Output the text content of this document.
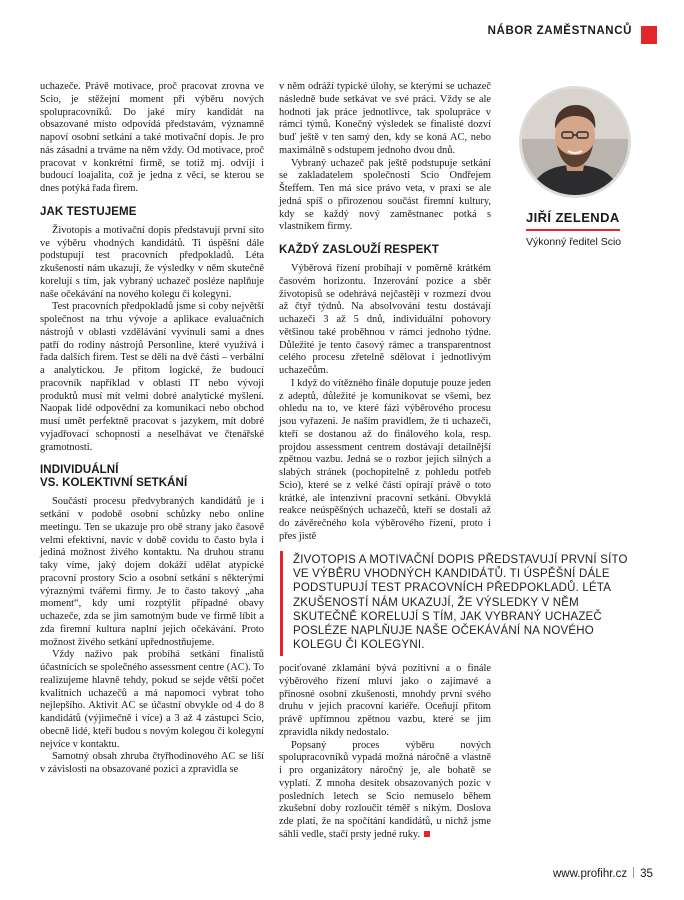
NÁBOR ZAMĚSTNANCŮ

uchazeče. Právě motivace, proč pracovat zrovna ve Scio, je stěžejní moment při výběru nových spolupracovníků. Do jaké míry kandidát na obsazované místo odpovídá představám, významně napoví osobní setkání a také motivační dopis. Je pro nás zásadní a trváme na něm vždy. Od motivace, proč pracovat v konkrétní firmě, se totiž mj. odvíjí i budoucí loajalita, což je jedna z věcí, se kterou se dnes potýká řada firem.

JAK TESTUJEME

Životopis a motivační dopis představují první síto ve výběru vhodných kandidátů. Ti úspěšní dále podstupují test pracovních předpokladů. Léta zkušeností nám ukazují, že výsledky v něm skutečně korelují s tím, jak vybraný uchazeč posléze naplňuje naše očekávání na nového kolegu či kolegyni.

Test pracovních předpokladů jsme si coby největší společnost na trhu vývoje a aplikace evaluačních nástrojů v oblasti vzdělávání vyvinuli sami a dnes patří do rodiny nástrojů Personline, které využívá i řada dalších firem. Test se dělí na dvě části – verbální a analytickou. Je přitom logické, že budoucí pracovník například v oblasti IT nebo vývoji produktů musí mít velmi dobré analytické myšlení. Naopak lidé odpovědní za komunikaci nebo obchod musí umět perfektně pracovat s jazykem, mít dobré vyjadřovací schopnosti a neselhávat ve čtenářské gramotnosti.

INDIVIDUÁLNÍ
VS. KOLEKTIVNÍ SETKÁNÍ

Součástí procesu předvybraných kandidátů je i setkání v podobě osobní schůzky nebo online meetingu. Ten se ukazuje pro obě strany jako časově velmi efektivní, navíc v době covidu to často byla i jediná možnost živého kontaktu. Na druhou stranu taky víme, jaký dojem dokáží udělat atypické pracovní prostory Scio a osobní setkání s některými výraznými tvářemi firmy. Je to často takový „aha moment“, kdy umí rozptýlit případné obavy uchazeče, zda se jim samotným bude ve firmě líbit a zda firemní kultura naplní jejich očekávání. Proto možnost živého setkání upřednostňujeme.

Vždy naživo pak probíhá setkání finalistů účastnících se společného assessment centre (AC). To realizujeme hlavně tehdy, pokud se sejde větší počet kvalitních uchazečů a má napomoci vybrat toho nejlepšího. Aktivit AC se účastní obvykle od 4 do 8 kandidátů (výjimečně i více) a 3 až 4 zástupci Scio, obecně lidé, kteří budou s novým kolegou či kolegyní nejvíce v kontaktu.

Samotný obsah zhruba čtyřhodinového AC se liší v závislosti na obsazované pozici a zpravidla se

v něm odráží typické úlohy, se kterými se uchazeč následně bude setkávat ve své práci. Vždy se ale hodnotí jak práce jednotlivce, tak spolupráce v rámci týmů. Konečný výsledek se finalisté dozví buď ještě v ten samý den, kdy se koná AC, nebo maximálně s odstupem jednoho dvou dnů.

Vybraný uchazeč pak ještě podstupuje setkání se zakladatelem společnosti Scio Ondřejem Šteffem. Ten má sice právo veta, v praxi se ale jedná spíš o přirozenou součást firemní kultury, kdy se každý nový zaměstnanec potká s vlastníkem firmy.

KAŽDÝ ZASLOUŽÍ RESPEKT

Výběrová řízení probíhají v poměrně krátkém časovém horizontu. Inzerování pozice a sběr životopisů se odehrává nejčastěji v rozmezí dvou až čtyř týdnů. Na absolvování testu dostávají uchazeči 3 až 5 dnů, individuální pohovory většinou také proběhnou v rámci jednoho týdne. Důležité je tento časový rámec a transparentnost celého procesu zřetelně sdělovat i jednotlivým uchazečům.

I když do vítězného finále doputuje pouze jeden z adeptů, důležité je komunikovat se všemi, bez ohledu na to, ve které fázi výběrového procesu jsou vyřazeni. Je naším pravidlem, že ti uchazeči, kteří se dostanou až do finálového kola, resp. projdou assessment centrem dostávají detailnější zpětnou vazbu. Jedná se o rozbor jejich silných a slabých stránek (pochopitelně z pohledu potřeb Scio), které se z velké části opírají právě o toto krátké, ale intenzivní pracovní setkání. Obvyklá reakce neúspěšných uchazečů, kteří se dostali až do závěrečného kola výběrového řízení, proto i přes jistě

JIŘÍ ZELENDA
Výkonný ředitel Scio
ŽIVOTOPIS A MOTIVAČNÍ DOPIS PŘEDSTAVUJÍ PRVNÍ SÍTO VE VÝBĚRU VHODNÝCH KANDIDÁTŮ. TI ÚSPĚŠNÍ DÁLE PODSTUPUJÍ TEST PRACOVNÍCH PŘEDPOKLADŮ. LÉTA ZKUŠENOSTÍ NÁM UKAZUJÍ, ŽE VÝSLEDKY V NĚM SKUTEČNĚ KORELUJÍ S TÍM, JAK VYBRANÝ UCHAZEČ POSLÉZE NAPLŇUJE NAŠE OČEKÁVÁNÍ NA NOVÉHO KOLEGU ČI KOLEGYNI.

pociťované zklamání bývá pozitivní a o finále výběrového řízení mluví jako o zajímavé a přínosné osobní zkušenosti, mnohdy první svého druhu v jejich pracovní kariéře. Oceňují přitom právě upřímnou zpětnou vazbu, které se jim zpravidla nikdy nedostalo.

Popsaný proces výběru nových spolupracovníků vypadá možná náročně a vlastně i pro organizátory náročný je, ale bohatě se vyplatí. Z mnoha desítek obsazovaných pozic v posledních letech se Scio nemuselo během zkušební doby rozloučit téměř s nikým. Doslova zde platí, že na spočítání kandidátů, u nichž jsme sáhli vedle, stačí prsty jedné ruky.

www.profihr.cz 35
